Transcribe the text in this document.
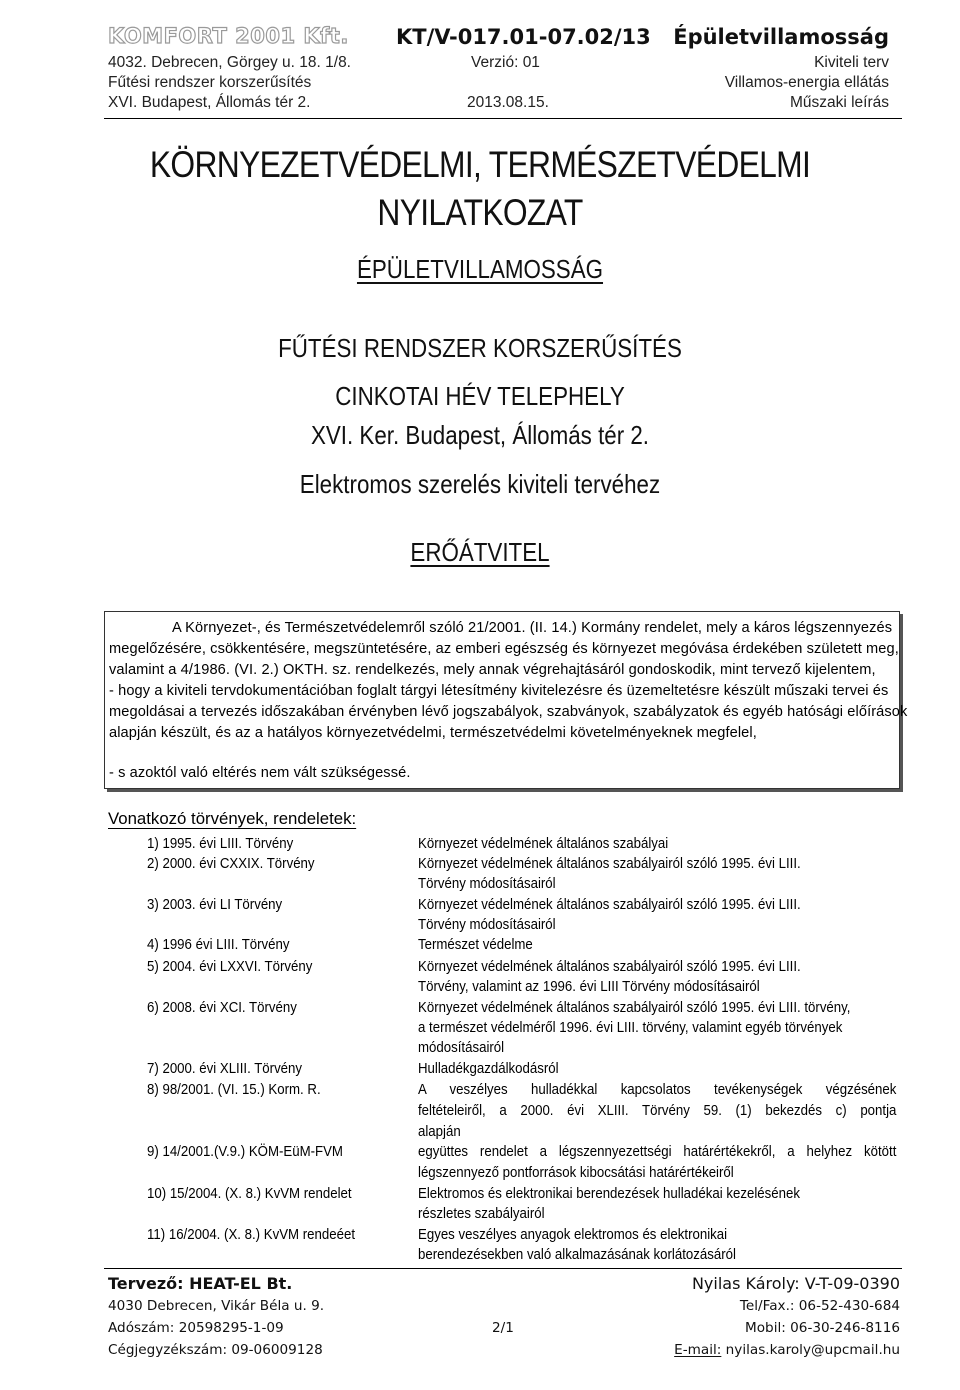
KOMFORT 2001 Kft. KT/V-017.01-07.02/13 Épületvillamosság
4032. Debrecen, Görgey u. 18. 1/8.	Verzió: 01	Kiviteli terv
Fűtési rendszer korszerűsítés	Villamos-energia ellátás
XVI. Budapest, Állomás tér 2.	2013.08.15.	Műszaki leírás
KÖRNYEZETVÉDELMI, TERMÉSZETVÉDELMI
NYILATKOZAT
ÉPÜLETVILLAMOSSÁG
FŰTÉSI RENDSZER KORSZERŰSÍTÉS
CINKOTAI HÉV TELEPHELY
XVI. Ker. Budapest, Állomás tér 2.
Elektromos szerelés kiviteli tervéhez
ERŐÁTVITEL
A Környezet-, és Természetvédelemről szóló 21/2001. (II. 14.) Kormány rendelet, mely a káros légszennyezés
megelőzésére, csökkentésére, megszüntetésére, az emberi egészség és környezet megóvása érdekében született meg,
valamint a 4/1986. (VI. 2.) OKTH. sz. rendelkezés, mely annak végrehajtásáról gondoskodik, mint tervező kijelentem,
- hogy a kiviteli tervdokumentációban foglalt tárgyi létesítmény kivitelezésre és üzemeltetésre készült műszaki tervei és
megoldásai a tervezés időszakában érvényben lévő jogszabályok, szabványok, szabályzatok és egyéb hatósági előírások
alapján készült, és az a hatályos környezetvédelmi, természetvédelmi követelményeknek megfelel,
- s azoktól való eltérés nem vált szükségessé.
Vonatkozó törvények, rendeletek:
1) 1995. évi LIII. Törvény	Környezet védelmének általános szabályai
2) 2000. évi CXXIX. Törvény	Környezet védelmének általános szabályairól szóló 1995. évi LIII.
Törvény módosításairól
3) 2003. évi LI Törvény	Környezet védelmének általános szabályairól szóló 1995. évi LIII.
Törvény módosításairól
4) 1996 évi LIII. Törvény	Természet védelme
5) 2004. évi LXXVI. Törvény	Környezet védelmének általános szabályairól szóló 1995. évi LIII.
Törvény, valamint az 1996. évi LIII Törvény módosításairól
6) 2008. évi XCI. Törvény	Környezet védelmének általános szabályairól szóló 1995. évi LIII. törvény,
a természet védelméről 1996. évi LIII. törvény, valamint egyéb törvények
módosításairól
7) 2000. évi XLIII. Törvény	Hulladékgazdálkodásról
8) 98/2001. (VI. 15.) Korm. R.	A veszélyes hulladékkal kapcsolatos tevékenységek végzésének
feltételeiről, a 2000. évi XLIII. Törvény 59. (1) bekezdés c) pontja
alapján
9) 14/2001.(V.9.) KÖM-EüM-FVM	együttes rendelet a légszennyezettségi határértékekről, a helyhez kötött
légszennyező pontforrások kibocsátási határértékeiről
10) 15/2004. (X. 8.) KvVM rendelet	Elektromos és elektronikai berendezések hulladékai kezelésének
részletes szabályairól
11) 16/2004. (X. 8.) KvVM rendeéet	Egyes veszélyes anyagok elektromos és elektronikai
berendezésekben való alkalmazásának korlátozásáról
Tervező: HEAT-EL Bt.	Nyilas Károly: V-T-09-0390
4030 Debrecen, Vikár Béla u. 9.	Tel/Fax.: 06-52-430-684
Adószám: 20598295-1-09	2/1	Mobil: 06-30-246-8116
Cégjegyzékszám: 09-06009128	E-mail: nyilas.karoly@upcmail.hu
